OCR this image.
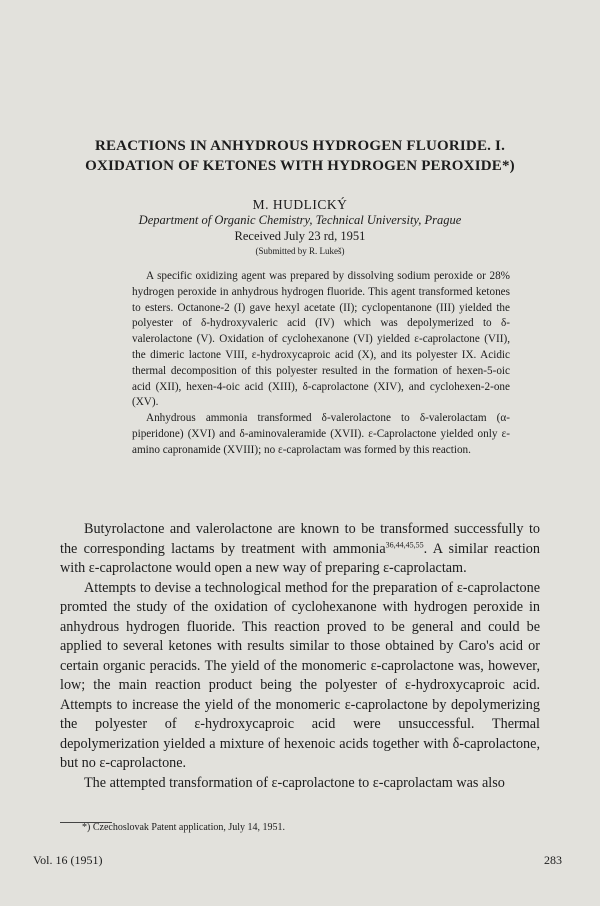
REACTIONS IN ANHYDROUS HYDROGEN FLUORIDE. I.
OXIDATION OF KETONES WITH HYDROGEN PEROXIDE*)
M. HUDLICKÝ
Department of Organic Chemistry, Technical University, Prague
Received July 23 rd, 1951
(Submitted by R. Lukeš)

A specific oxidizing agent was prepared by dissolving sodium peroxide or 28% hydrogen peroxide in anhydrous hydrogen fluoride. This agent transformed ketones to esters. Octanone-2 (I) gave hexyl acetate (II); cyclopentanone (III) yielded the polyester of δ-hydroxyvaleric acid (IV) which was depolymerized to δ-valerolactone (V). Oxidation of cyclohexanone (VI) yielded ε-caprolactone (VII), the dimeric lactone VIII, ε-hydroxycaproic acid (X), and its polyester IX. Acidic thermal decomposition of this polyester resulted in the formation of hexen-5-oic acid (XII), hexen-4-oic acid (XIII), δ-caprolactone (XIV), and cyclohexen-2-one (XV).

Anhydrous ammonia transformed δ-valerolactone to δ-valerolactam (α-piperidone) (XVI) and δ-aminovaleramide (XVII). ε-Caprolactone yielded only ε-amino capronamide (XVIII); no ε-caprolactam was formed by this reaction.

Butyrolactone and valerolactone are known to be transformed successfully to the corresponding lactams by treatment with ammonia$^{36,44,45,55}$. A similar reaction with ε-caprolactone would open a new way of preparing ε-caprolactam.

Attempts to devise a technological method for the preparation of ε-caprolactone promted the study of the oxidation of cyclohexanone with hydrogen peroxide in anhydrous hydrogen fluoride. This reaction proved to be general and could be applied to several ketones with results similar to those obtained by Caro's acid or certain organic peracids. The yield of the monomeric ε-caprolactone was, however, low; the main reaction product being the polyester of ε-hydroxycaproic acid. Attempts to increase the yield of the monomeric ε-caprolactone by depolymerizing the polyester of ε-hydroxycaproic acid were unsuccessful. Thermal depolymerization yielded a mixture of hexenoic acids together with δ-caprolactone, but no ε-caprolactone.

The attempted transformation of ε-caprolactone to ε-caprolactam was also

*) Czechoslovak Patent application, July 14, 1951.
Vol. 16 (1951)	283
